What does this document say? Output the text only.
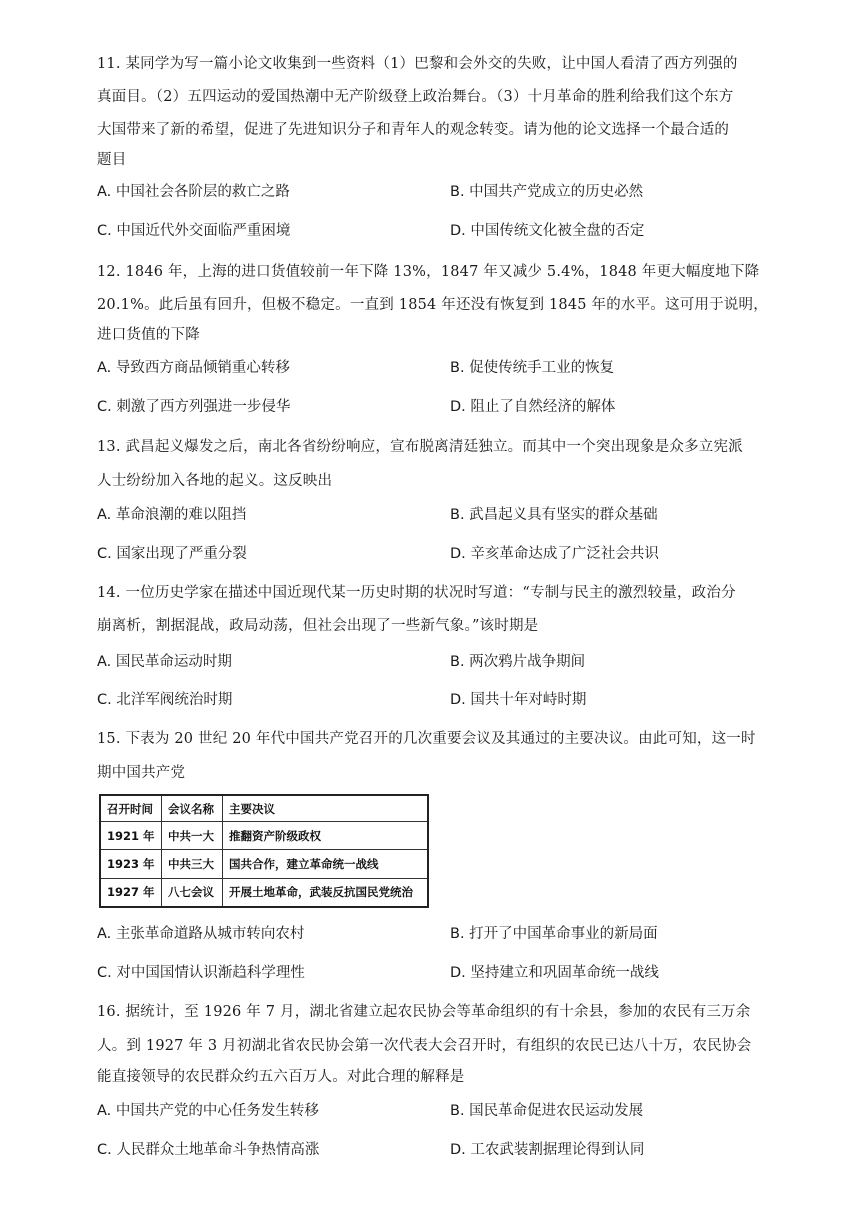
11. 某同学为写一篇小论文收集到一些资料（1）巴黎和会外交的失败，让中国人看清了西方列强的
真面目。（2）五四运动的爱国热潮中无产阶级登上政治舞台。（3）十月革命的胜利给我们这个东方
大国带来了新的希望，促进了先进知识分子和青年人的观念转变。请为他的论文选择一个最合适的
题目
A. 中国社会各阶层的救亡之路	B. 中国共产党成立的历史必然
C. 中国近代外交面临严重困境	D. 中国传统文化被全盘的否定
12. 1846 年，上海的进口货值较前一年下降 13%，1847 年又减少 5.4%，1848 年更大幅度地下降
20.1%。此后虽有回升，但极不稳定。一直到 1854 年还没有恢复到 1845 年的水平。这可用于说明，
进口货值的下降
A. 导致西方商品倾销重心转移	B. 促使传统手工业的恢复
C. 刺激了西方列强进一步侵华	D. 阻止了自然经济的解体
13. 武昌起义爆发之后，南北各省纷纷响应，宣布脱离清廷独立。而其中一个突出现象是众多立宪派
人士纷纷加入各地的起义。这反映出
A. 革命浪潮的难以阻挡	B. 武昌起义具有坚实的群众基础
C. 国家出现了严重分裂	D. 辛亥革命达成了广泛社会共识
14. 一位历史学家在描述中国近现代某一历史时期的状况时写道：“专制与民主的激烈较量，政治分
崩离析，割据混战，政局动荡，但社会出现了一些新气象。”该时期是
A. 国民革命运动时期	B. 两次鸦片战争期间
C. 北洋军阀统治时期	D. 国共十年对峙时期
15. 下表为 20 世纪 20 年代中国共产党召开的几次重要会议及其通过的主要决议。由此可知，这一时
期中国共产党
召开时间	会议名称	主要决议
1921 年	中共一大	推翻资产阶级政权
1923 年	中共三大	国共合作，建立革命统一战线
1927 年	八七会议	开展土地革命，武装反抗国民党统治
A. 主张革命道路从城市转向农村	B. 打开了中国革命事业的新局面
C. 对中国国情认识渐趋科学理性	D. 坚持建立和巩固革命统一战线
16. 据统计，至 1926 年 7 月，湖北省建立起农民协会等革命组织的有十余县，参加的农民有三万余
人。到 1927 年 3 月初湖北省农民协会第一次代表大会召开时，有组织的农民已达八十万，农民协会
能直接领导的农民群众约五六百万人。对此合理的解释是
A. 中国共产党的中心任务发生转移	B. 国民革命促进农民运动发展
C. 人民群众土地革命斗争热情高涨	D. 工农武装割据理论得到认同
